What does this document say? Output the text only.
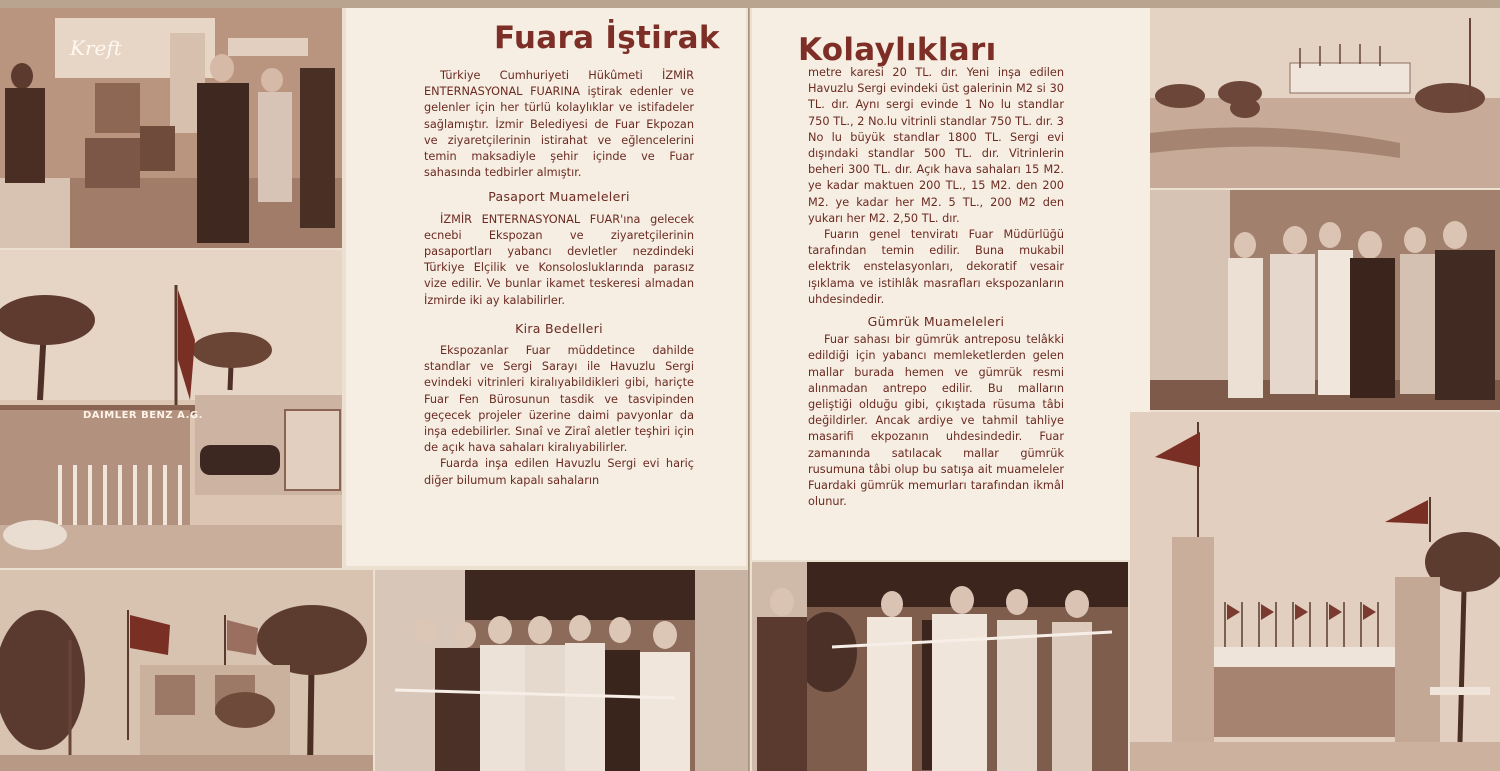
Kreft
DAIMLER BENZ A.G.
Fuara İştirak

Türkiye Cumhuriyeti Hükûmeti İZMİR ENTERNASYONAL FUARINA iştirak edenler ve gelenler için her türlü kolaylıklar ve istifadeler sağlamıştır. İzmir Belediyesi de Fuar Ekpozan ve ziyaretçilerinin istirahat ve eğlencelerini temin maksadiyle şehir içinde ve Fuar sahasında tedbirler almıştır.

Pasaport Muameleleri

İZMİR ENTERNASYONAL FUAR'ına gelecek ecnebi Ekspozan ve ziyaretçilerinin pasaportları yabancı devletler nezdindeki Türkiye Elçilik ve Konsolosluklarında parasız vize edilir. Ve bunlar ikamet teskeresi almadan İzmirde iki ay kalabilirler.

Kira Bedelleri

Ekspozanlar Fuar müddetince dahilde standlar ve Sergi Sarayı ile Havuzlu Sergi evindeki vitrinleri kiralıyabildikleri gibi, hariçte Fuar Fen Bürosunun tasdik ve tasvipinden geçecek projeler üzerine daimi pavyonlar da inşa edebilirler. Sınaî ve Ziraî aletler teşhiri için de açık hava sahaları kiralıyabilirler.

Fuarda inşa edilen Havuzlu Sergi evi hariç diğer bilumum kapalı sahaların

Kolaylıkları

metre karesi 20 TL. dır. Yeni inşa edilen Havuzlu Sergi evindeki üst galerinin M2 si 30 TL. dır. Aynı sergi evinde 1 No lu standlar 750 TL., 2 No.lu vitrinli standlar 750 TL. dır. 3 No lu büyük standlar 1800 TL. Sergi evi dışındaki standlar 500 TL. dır. Vitrinlerin beheri 300 TL. dır. Açık hava sahaları 15 M2. ye kadar maktuen 200 TL., 15 M2. den 200 M2. ye kadar her M2. 5 TL., 200 M2 den yukarı her M2. 2,50 TL. dır.

Fuarın genel tenviratı Fuar Müdürlüğü tarafından temin edilir. Buna mukabil elektrik enstelasyonları, dekoratif vesair ışıklama ve istihlâk masrafları ekspozanların uhdesindedir.

Gümrük Muameleleri

Fuar sahası bir gümrük antreposu telâkki edildiği için yabancı memleketlerden gelen mallar burada hemen ve gümrük resmi alınmadan antrepo edilir. Bu malların geliştiği olduğu gibi, çıkıştada rüsuma tâbi değildirler. Ancak ardiye ve tahmil tahliye masarifi ekpozanın uhdesindedir. Fuar zamanında satılacak mallar gümrük rusumuna tâbi olup bu satışa ait muameleler Fuardaki gümrük memurları tarafından ikmâl olunur.
